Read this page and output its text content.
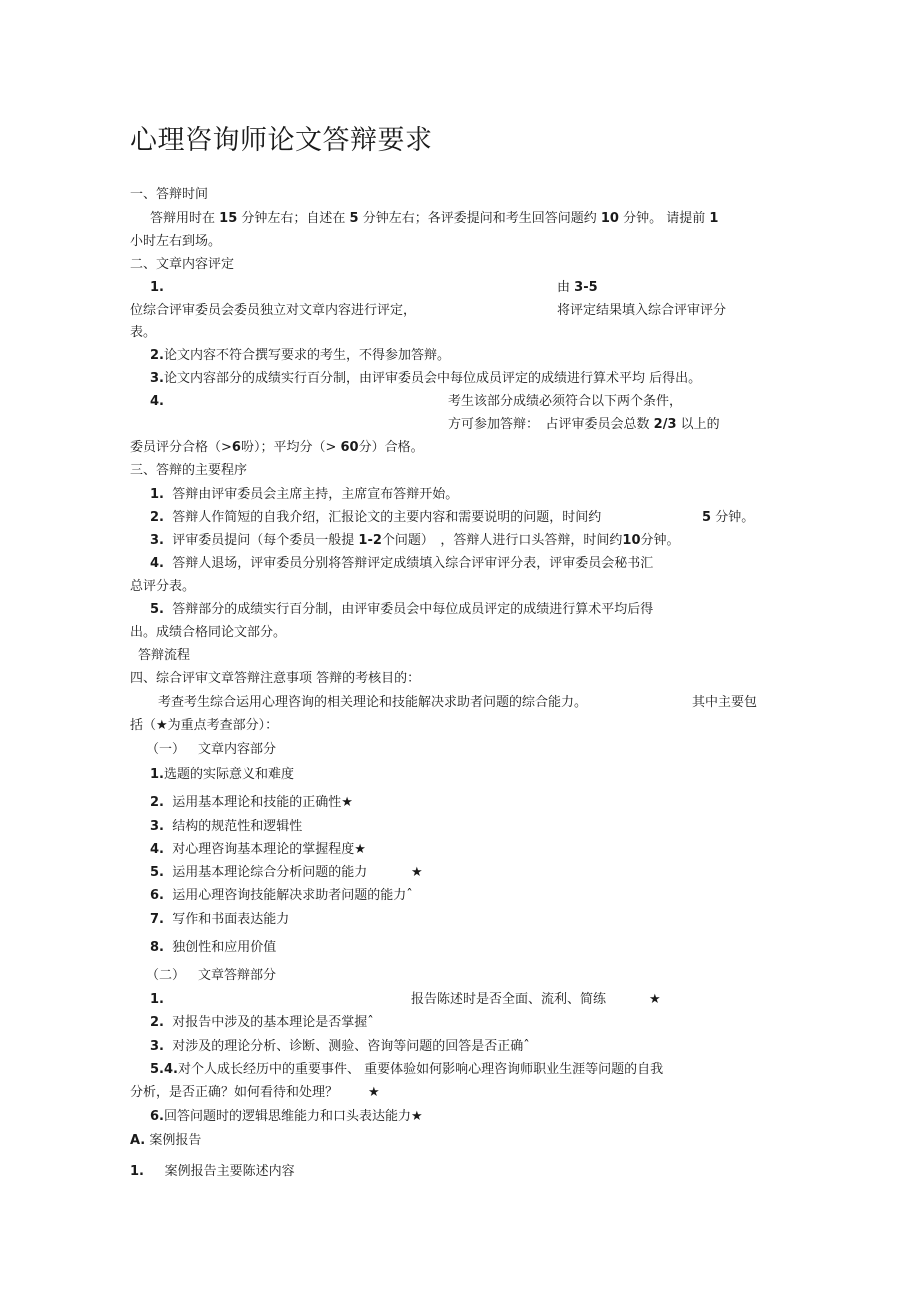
心理咨询师论文答辩要求
一、答辩时间
答辩用时在 15 分钟左右；自述在 5 分钟左右；各评委提问和考生回答问题约 10 分钟。 请提前 1
小时左右到场。
二、文章内容评定
1.	由 3-5
位综合评审委员会委员独立对文章内容进行评定，	将评定结果填入综合评审评分
表。
2.论文内容不符合撰写要求的考生，不得参加答辩。
3.论文内容部分的成绩实行百分制，由评审委员会中每位成员评定的成绩进行算术平均 后得出。
4.	考生该部分成绩必须符合以下两个条件，
方可参加答辩：　占评审委员会总数 2/3 以上的
委员评分合格（>6吩）；平均分（> 60分）合格。
三、答辩的主要程序
1. 答辩由评审委员会主席主持，主席宣布答辩开始。
2. 答辩人作简短的自我介绍，汇报论文的主要内容和需要说明的问题，时间约	5 分钟。
3. 评审委员提问（每个委员一般提 1-2个问题）　，答辩人进行口头答辩，时间约10分钟。
4. 答辩人退场，评审委员分别将答辩评定成绩填入综合评审评分表，评审委员会秘书汇
总评分表。
5. 答辩部分的成绩实行百分制，由评审委员会中每位成员评定的成绩进行算术平均后得
出。成绩合格同论文部分。
答辩流程
四、综合评审文章答辩注意事项 答辩的考核目的：
考查考生综合运用心理咨询的相关理论和技能解决求助者问题的综合能力。	其中主要包
括（★为重点考查部分）：
（一） 文章内容部分
1.选题的实际意义和难度
2. 运用基本理论和技能的正确性★
3. 结构的规范性和逻辑性
4. 对心理咨询基本理论的掌握程度★
5. 运用基本理论综合分析问题的能力	★
6. 运用心理咨询技能解决求助者问题的能力ˆ
7. 写作和书面表达能力
8. 独创性和应用价值
（二） 文章答辩部分
1.	报告陈述时是否全面、流利、简练	★
2. 对报告中涉及的基本理论是否掌握ˆ
3. 对涉及的理论分析、诊断、测验、咨询等问题的回答是否正确ˆ
5.4.对个人成长经历中的重要事件、 重要体验如何影响心理咨询师职业生涯等问题的自我
分析，是否正确？如何看待和处理？ ★
6.回答问题时的逻辑思维能力和口头表达能力★
A. 案例报告
1. 案例报告主要陈述内容
